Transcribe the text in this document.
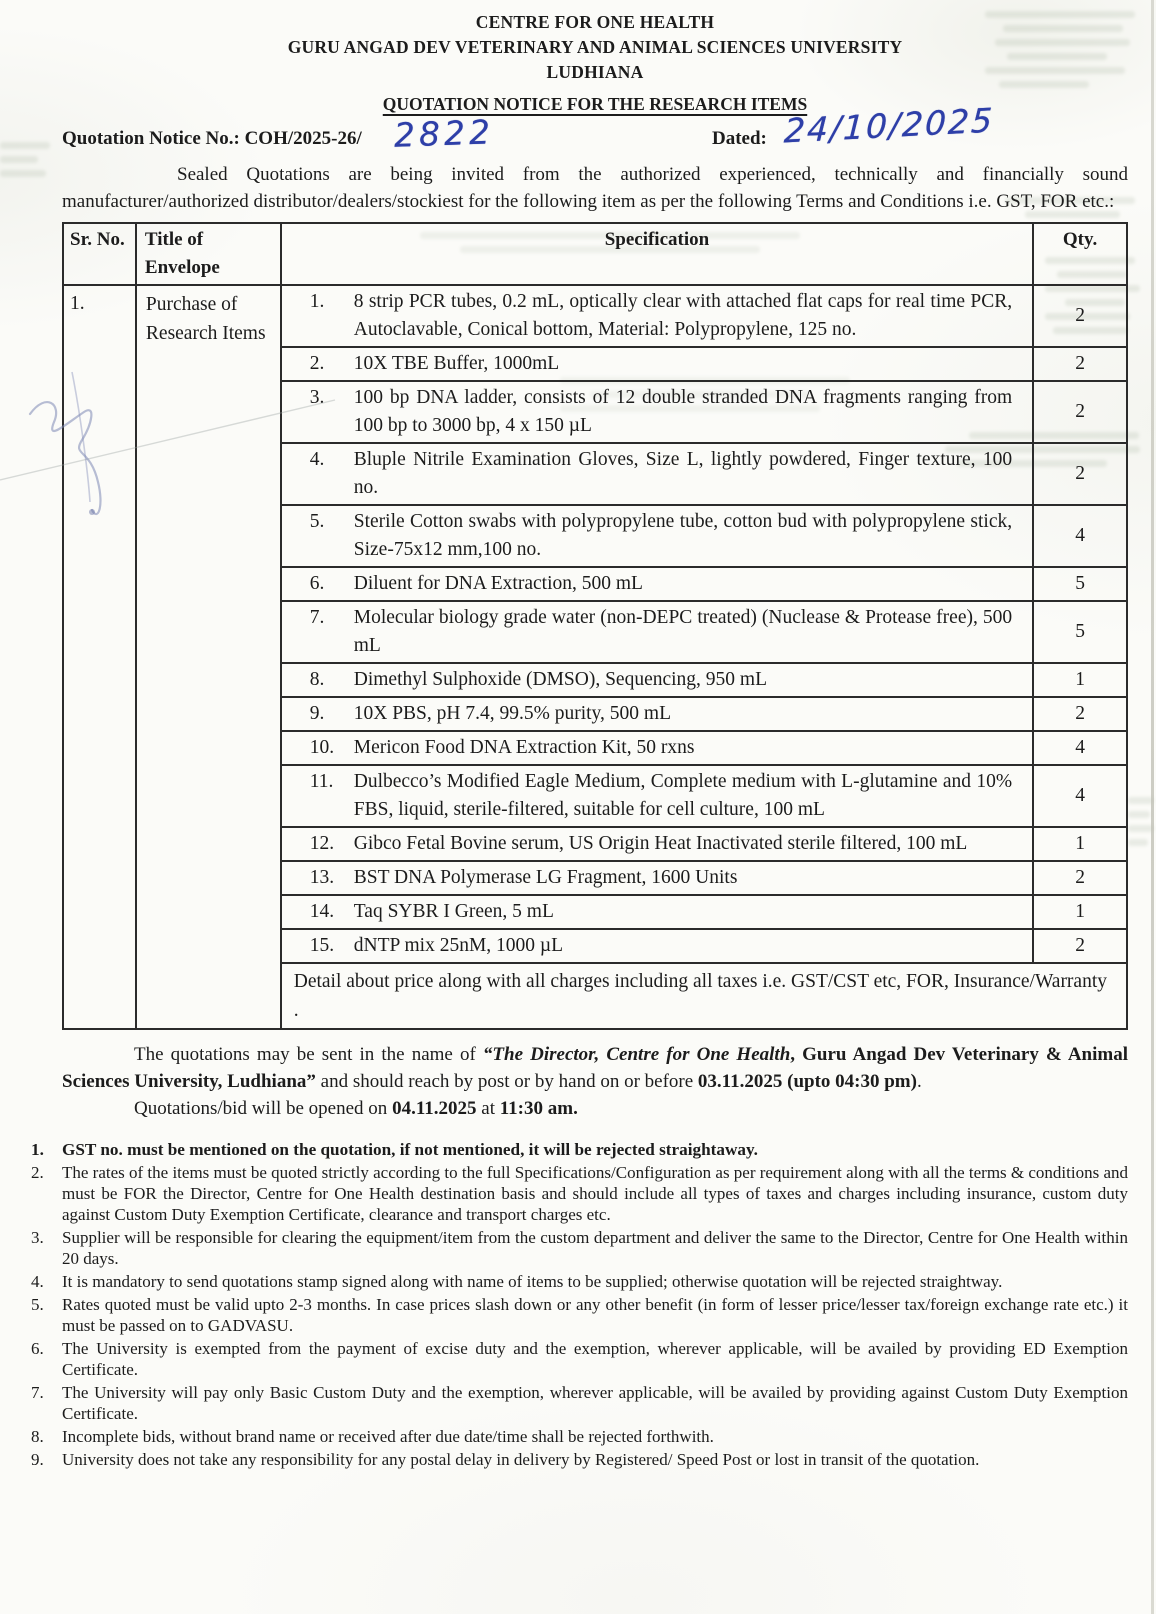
CENTRE FOR ONE HEALTH
GURU ANGAD DEV VETERINARY AND ANIMAL SCIENCES UNIVERSITY
LUDHIANA
QUOTATION NOTICE FOR THE RESEARCH ITEMS
Quotation Notice No.: COH/2025-26/ 2822	Dated: 24/10/2025
Sealed Quotations are being invited from the authorized experienced, technically and financially sound manufacturer/authorized distributor/dealers/stockiest for the following item as per the following Terms and Conditions i.e. GST, FOR etc.:
Sr. No.	Title of Envelope	Specification	Qty.
1.	Purchase of Research Items	1. 8 strip PCR tubes, 0.2 mL, optically clear with attached flat caps for real time PCR, Autoclavable, Conical bottom, Material: Polypropylene, 125 no.	2

		2. 10X TBE Buffer, 1000mL	2

		3. 100 bp DNA ladder, consists of 12 double stranded DNA fragments ranging from 100 bp to 3000 bp, 4 x 150 µL	2

		4. Bluple Nitrile Examination Gloves, Size L, lightly powdered, Finger texture, 100 no.	2

		5. Sterile Cotton swabs with polypropylene tube, cotton bud with polypropylene stick, Size-75x12 mm,100 no.	4

		6. Diluent for DNA Extraction, 500 mL	5

		7. Molecular biology grade water (non-DEPC treated) (Nuclease & Protease free), 500 mL	5

		8. Dimethyl Sulphoxide (DMSO), Sequencing, 950 mL	1

		9. 10X PBS, pH 7.4, 99.5% purity, 500 mL	2

		10. Mericon Food DNA Extraction Kit, 50 rxns	4

		11. Dulbecco’s Modified Eagle Medium, Complete medium with L-glutamine and 10% FBS, liquid, sterile-filtered, suitable for cell culture, 100 mL	4

		12. Gibco Fetal Bovine serum, US Origin Heat Inactivated sterile filtered, 100 mL	1

		13. BST DNA Polymerase LG Fragment, 1600 Units	2

		14. Taq SYBR I Green, 5 mL	1

		15. dNTP mix 25nM, 1000 µL	2
		Detail about price along with all charges including all taxes i.e. GST/CST etc, FOR, Insurance/Warranty .	
The quotations may be sent in the name of “The Director, Centre for One Health, Guru Angad Dev Veterinary & Animal Sciences University, Ludhiana” and should reach by post or by hand on or before 03.11.2025 (upto 04:30 pm).
Quotations/bid will be opened on 04.11.2025 at 11:30 am.
1.	GST no. must be mentioned on the quotation, if not mentioned, it will be rejected straightaway.
2.	The rates of the items must be quoted strictly according to the full Specifications/Configuration as per requirement along with all the terms & conditions and must be FOR the Director, Centre for One Health destination basis and should include all types of taxes and charges including insurance, custom duty against Custom Duty Exemption Certificate, clearance and transport charges etc.
3.	Supplier will be responsible for clearing the equipment/item from the custom department and deliver the same to the Director, Centre for One Health within 20 days.
4.	It is mandatory to send quotations stamp signed along with name of items to be supplied; otherwise quotation will be rejected straightway.
5.	Rates quoted must be valid upto 2-3 months. In case prices slash down or any other benefit (in form of lesser price/lesser tax/foreign exchange rate etc.) it must be passed on to GADVASU.
6.	The University is exempted from the payment of excise duty and the exemption, wherever applicable, will be availed by providing ED Exemption Certificate.
7.	The University will pay only Basic Custom Duty and the exemption, wherever applicable, will be availed by providing against Custom Duty Exemption Certificate.
8.	Incomplete bids, without brand name or received after due date/time shall be rejected forthwith.
9.	University does not take any responsibility for any postal delay in delivery by Registered/ Speed Post or lost in transit of the quotation.
